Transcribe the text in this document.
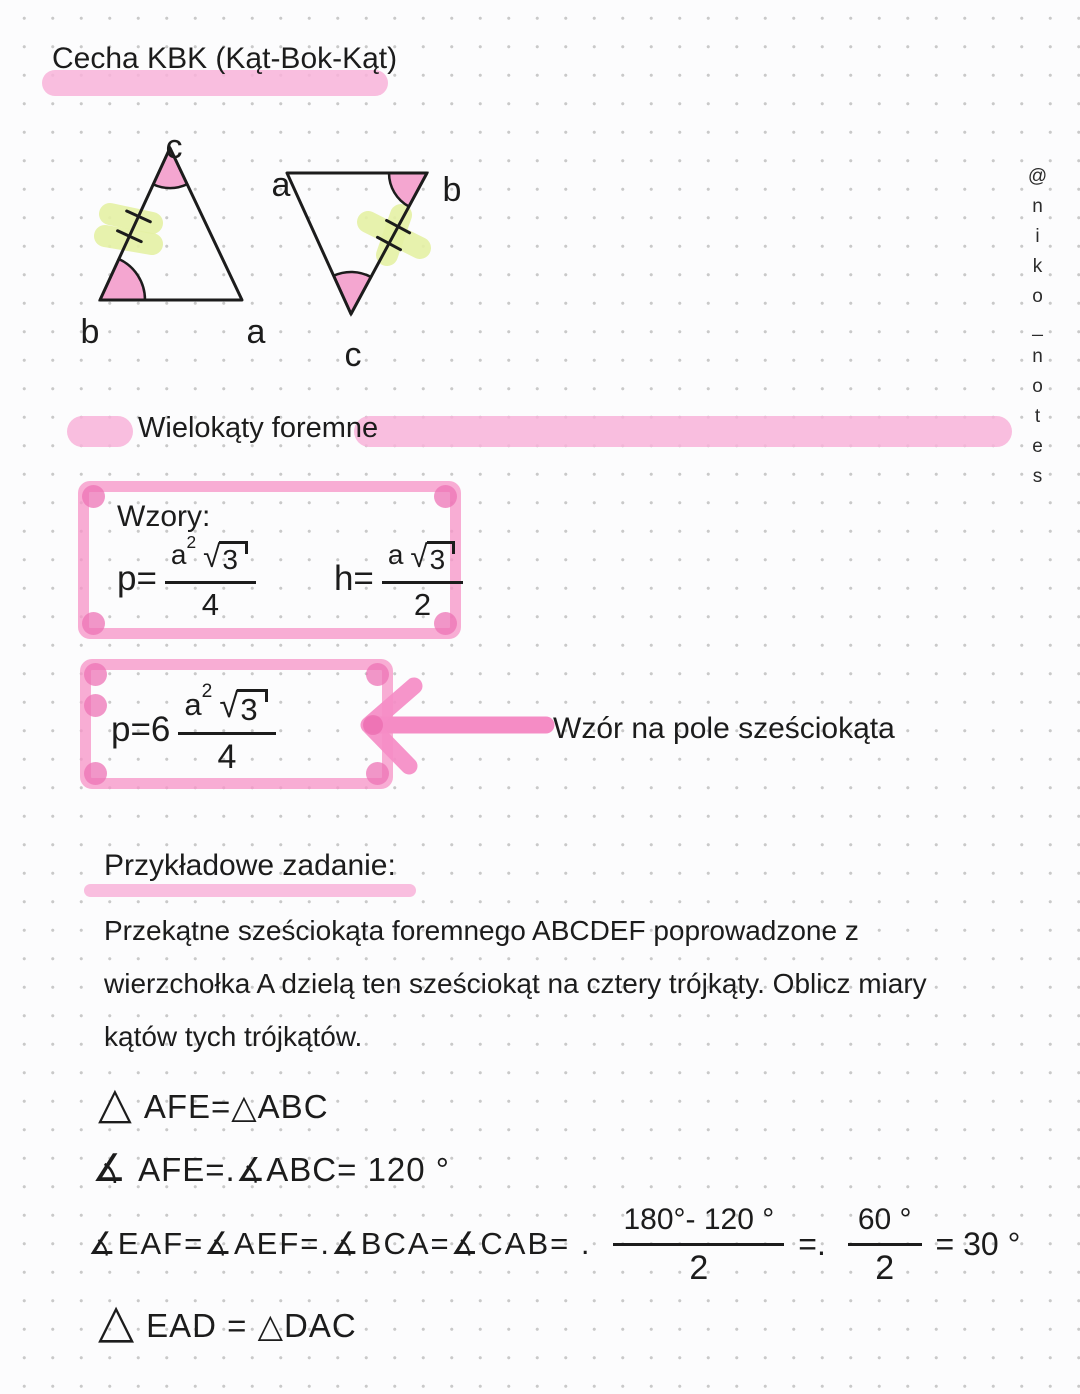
Cecha KBK (Kąt-Bok-Kąt)
c
b	a
a	b
c	@niko_notes
Wielokąty foremne
Wzory:
$p= \frac{a 2 √ 3}{4} h= \frac{a √ 3}{2}$
$p=6 \frac{a 2 √ 3}{4}$	Wzór na pole sześciokąta
Przykładowe zadanie:
Przekątne sześciokąta foremnego ABCDEF poprowadzone z
wierzchołka A dzielą ten sześciokąt na cztery trójkąty. Oblicz miary
kątów tych trójkątów.
△ AFE=△ABC
∡ AFE=.∡ABC= 120 °
∡EAF=∡AEF=.∡BCA=∡CAB= . $\frac{180^\circ- 120 ^\circ}{2}$ =. $\frac{60 ^\circ}{2} = 30$ °
△ EAD = △DAC
